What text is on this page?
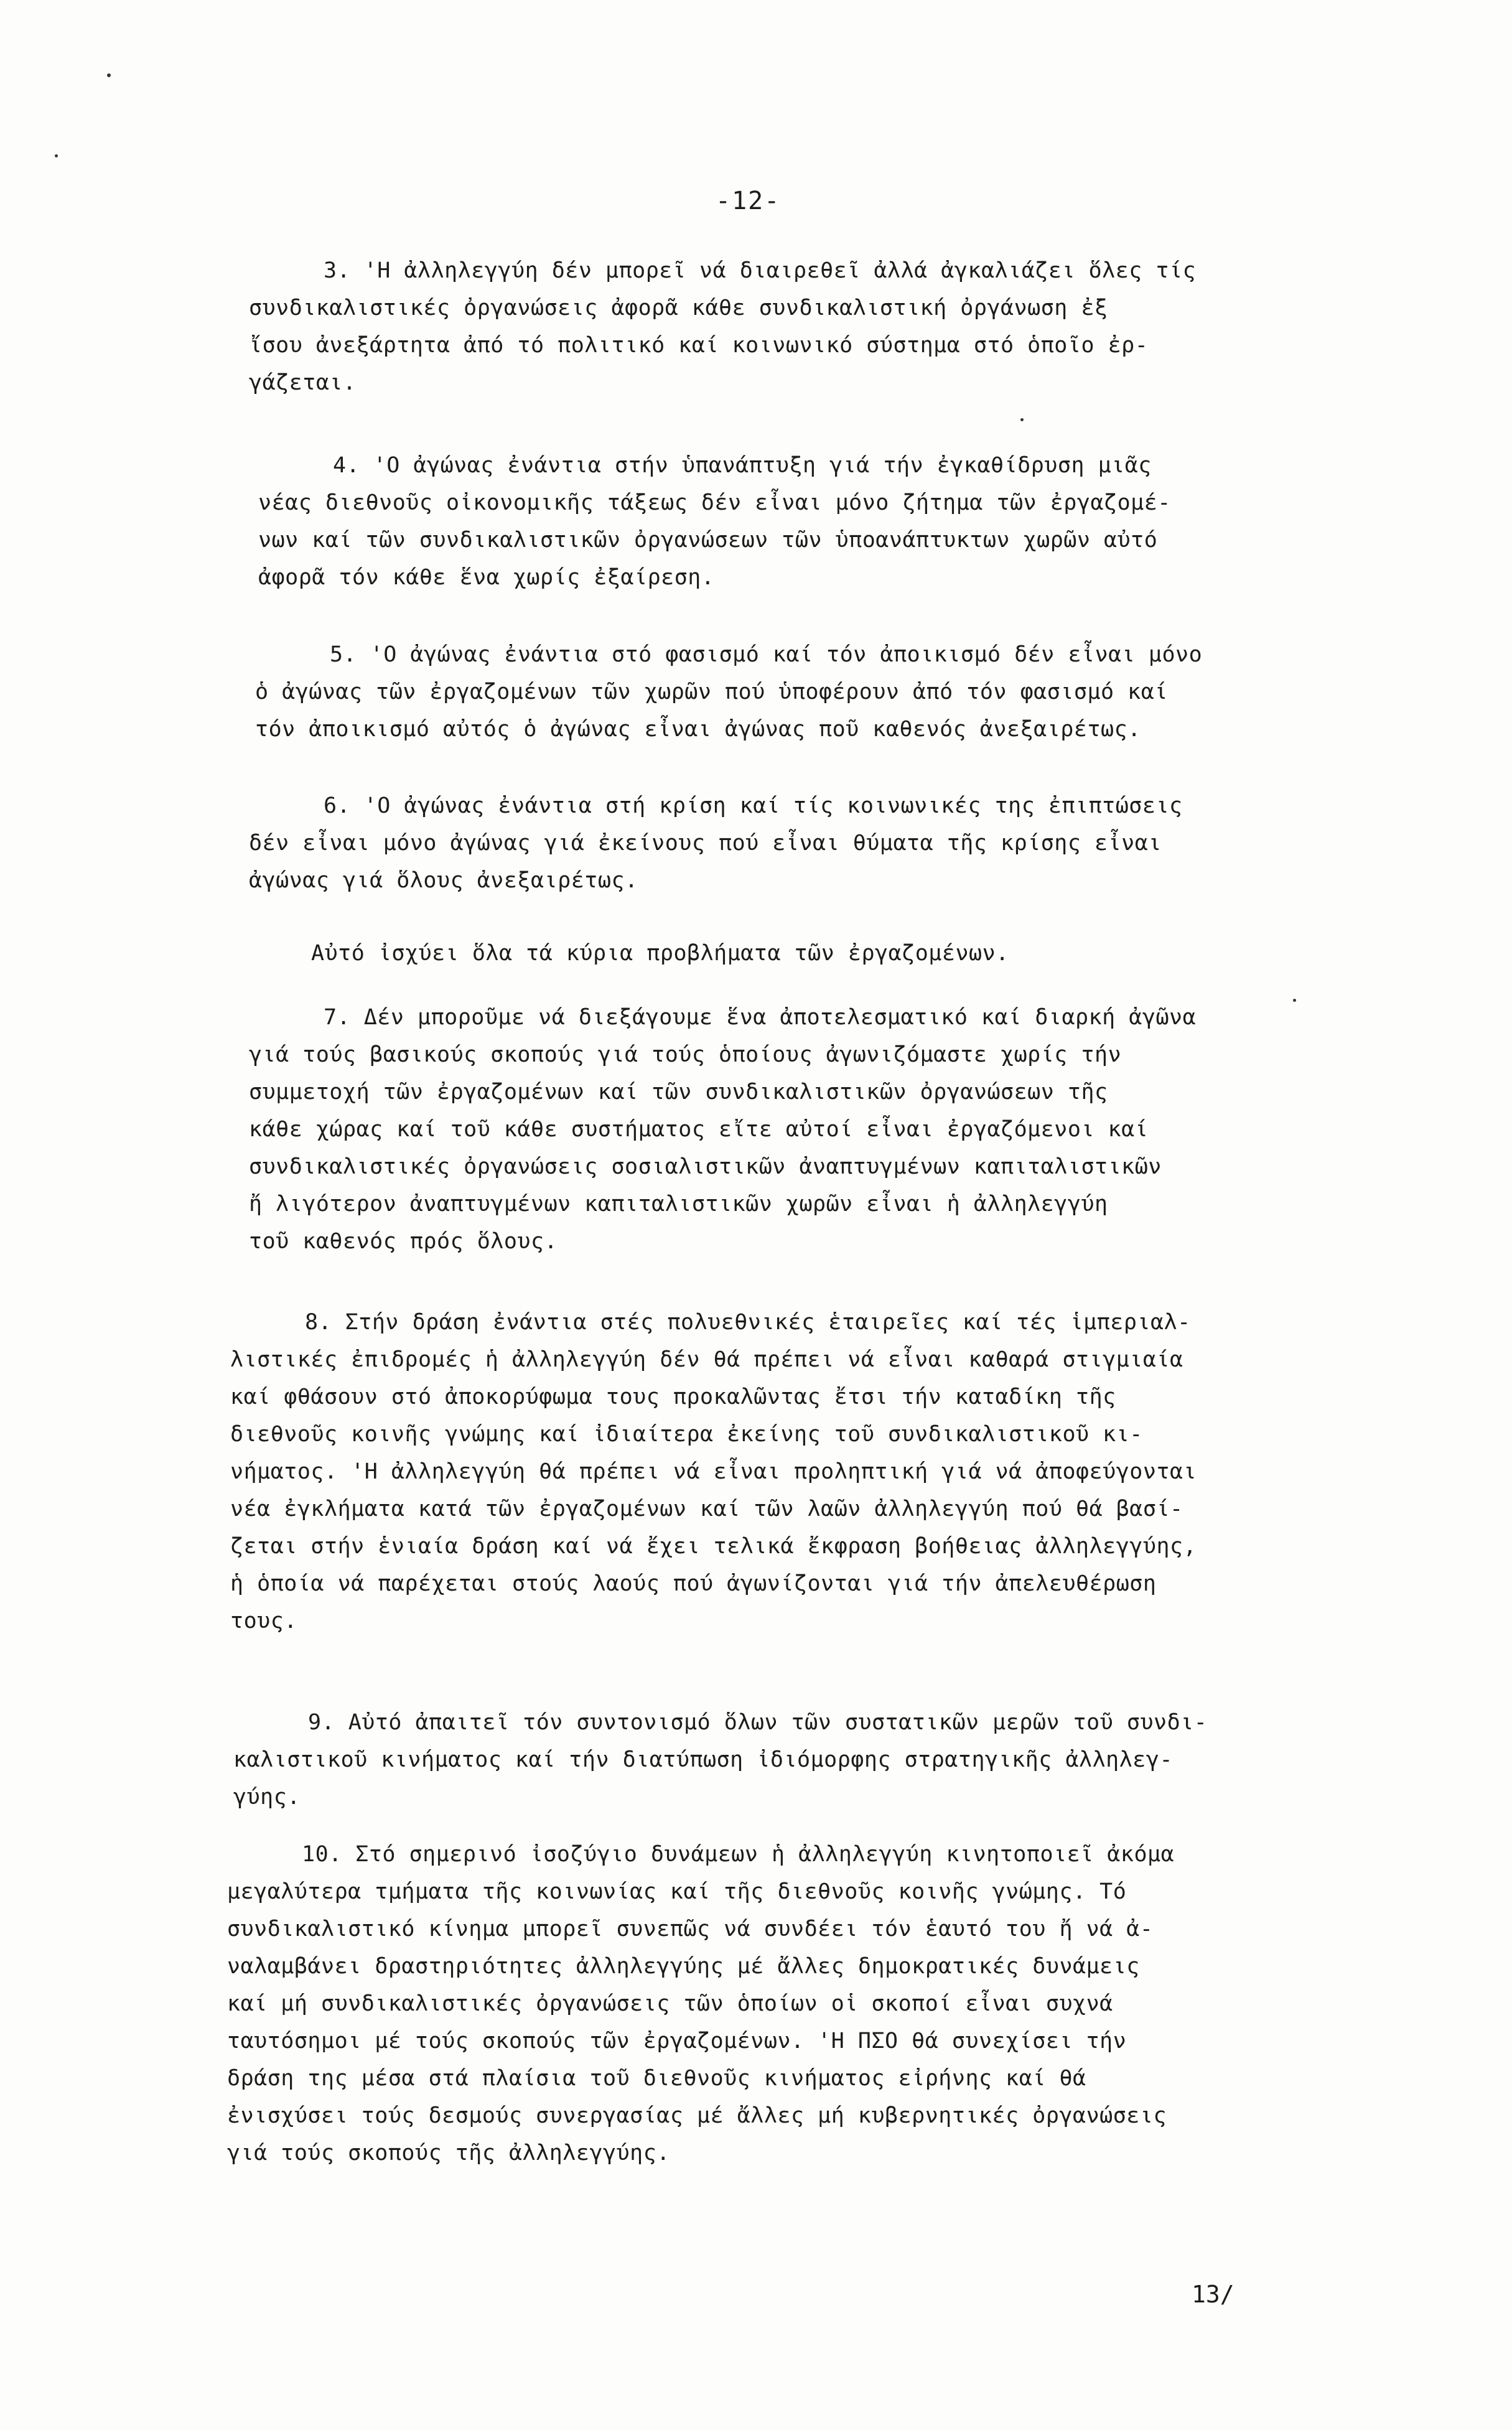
-12-
3. 'Η ἀλληλεγγύη δέν μπορεῖ νά διαιρεθεῖ ἀλλά ἀγκαλιάζει ὅλες τίς
συνδικαλιστικές ὀργανώσεις ἀφορᾶ κάθε συνδικαλιστική ὀργάνωση ἐξ
ἴσου ἀνεξάρτητα ἀπό τό πολιτικό καί κοινωνικό σύστημα στό ὁποῖο ἐρ-
γάζεται.
4. 'Ο ἀγώνας ἐνάντια στήν ὑπανάπτυξη γιά τήν ἐγκαθίδρυση μιᾶς
νέας διεθνοῦς οἰκονομικῆς τάξεως δέν εἶναι μόνο ζήτημα τῶν ἐργαζομέ-
νων καί τῶν συνδικαλιστικῶν ὀργανώσεων τῶν ὑποανάπτυκτων χωρῶν αὐτό
ἀφορᾶ τόν κάθε ἕνα χωρίς ἐξαίρεση.
5. 'Ο ἀγώνας ἐνάντια στό φασισμό καί τόν ἀποικισμό δέν εἶναι μόνο
ὁ ἀγώνας τῶν ἐργαζομένων τῶν χωρῶν πού ὑποφέρουν ἀπό τόν φασισμό καί
τόν ἀποικισμό αὐτός ὁ ἀγώνας εἶναι ἀγώνας ποῦ καθενός ἀνεξαιρέτως.
6. 'Ο ἀγώνας ἐνάντια στή κρίση καί τίς κοινωνικές της ἐπιπτώσεις
δέν εἶναι μόνο ἀγώνας γιά ἐκείνους πού εἶναι θύματα τῆς κρίσης εἶναι
ἀγώνας γιά ὅλους ἀνεξαιρέτως.
Αὐτό ἰσχύει ὅλα τά κύρια προβλήματα τῶν ἐργαζομένων.
7. Δέν μποροῦμε νά διεξάγουμε ἕνα ἀποτελεσματικό καί διαρκή ἀγῶνα
γιά τούς βασικούς σκοπούς γιά τούς ὁποίους ἀγωνιζόμαστε χωρίς τήν
συμμετοχή τῶν ἐργαζομένων καί τῶν συνδικαλιστικῶν ὀργανώσεων τῆς
κάθε χώρας καί τοῦ κάθε συστήματος εἴτε αὐτοί εἶναι ἐργαζόμενοι καί
συνδικαλιστικές ὀργανώσεις σοσιαλιστικῶν ἀναπτυγμένων καπιταλιστικῶν
ἤ λιγότερον ἀναπτυγμένων καπιταλιστικῶν χωρῶν εἶναι ἡ ἀλληλεγγύη
τοῦ καθενός πρός ὅλους.
8. Στήν δράση ἐνάντια στές πολυεθνικές ἑταιρεῖες καί τές ἱμπεριαλ-
λιστικές ἐπιδρομές ἡ ἀλληλεγγύη δέν θά πρέπει νά εἶναι καθαρά στιγμιαία
καί φθάσουν στό ἀποκορύφωμα τους προκαλῶντας ἔτσι τήν καταδίκη τῆς
διεθνοῦς κοινῆς γνώμης καί ἰδιαίτερα ἐκείνης τοῦ συνδικαλιστικοῦ κι-
νήματος. 'Η ἀλληλεγγύη θά πρέπει νά εἶναι προληπτική γιά νά ἀποφεύγονται
νέα ἐγκλήματα κατά τῶν ἐργαζομένων καί τῶν λαῶν ἀλληλεγγύη πού θά βασί-
ζεται στήν ἑνιαία δράση καί νά ἔχει τελικά ἔκφραση βοήθειας ἀλληλεγγύης,
ἡ ὁποία νά παρέχεται στούς λαούς πού ἀγωνίζονται γιά τήν ἀπελευθέρωση
τους.
9. Αὐτό ἀπαιτεῖ τόν συντονισμό ὅλων τῶν συστατικῶν μερῶν τοῦ συνδι-
καλιστικοῦ κινήματος καί τήν διατύπωση ἰδιόμορφης στρατηγικῆς ἀλληλεγ-
γύης.
10. Στό σημερινό ἰσοζύγιο δυνάμεων ἡ ἀλληλεγγύη κινητοποιεῖ ἀκόμα
μεγαλύτερα τμήματα τῆς κοινωνίας καί τῆς διεθνοῦς κοινῆς γνώμης. Τό
συνδικαλιστικό κίνημα μπορεῖ συνεπῶς νά συνδέει τόν ἑαυτό του ἤ νά ἀ-
ναλαμβάνει δραστηριότητες ἀλληλεγγύης μέ ἄλλες δημοκρατικές δυνάμεις
καί μή συνδικαλιστικές ὀργανώσεις τῶν ὁποίων οἱ σκοποί εἶναι συχνά
ταυτόσημοι μέ τούς σκοπούς τῶν ἐργαζομένων. 'Η ΠΣΟ θά συνεχίσει τήν
δράση της μέσα στά πλαίσια τοῦ διεθνοῦς κινήματος εἰρήνης καί θά
ἐνισχύσει τούς δεσμούς συνεργασίας μέ ἄλλες μή κυβερνητικές ὀργανώσεις
γιά τούς σκοπούς τῆς ἀλληλεγγύης.
13/
